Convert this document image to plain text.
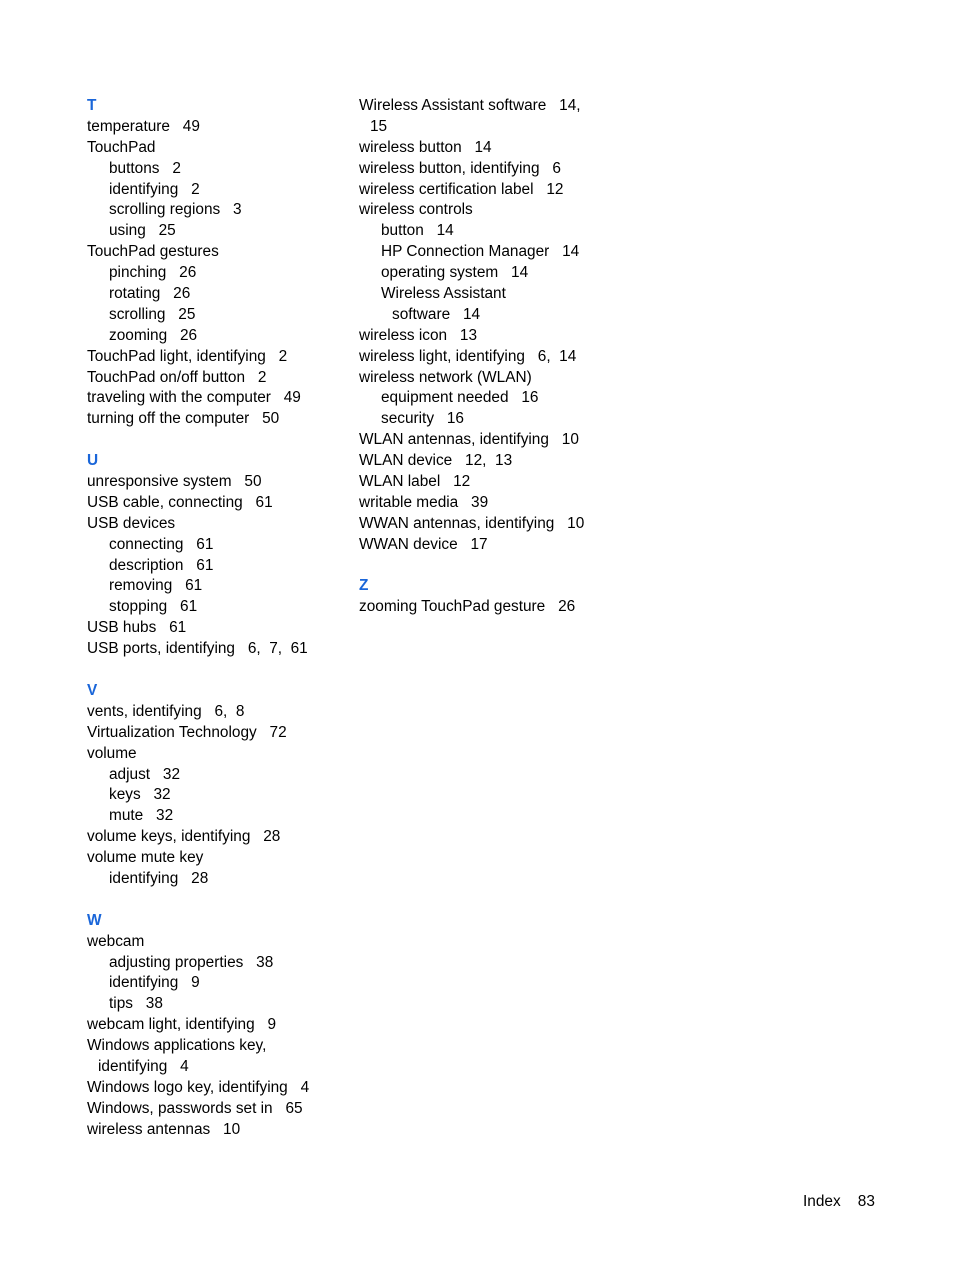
T
temperature   49
TouchPad
buttons   2
identifying   2
scrolling regions   3
using   25
TouchPad gestures
pinching   26
rotating   26
scrolling   25
zooming   26
TouchPad light, identifying   2
TouchPad on/off button   2
traveling with the computer   49
turning off the computer   50
U
unresponsive system   50
USB cable, connecting   61
USB devices
connecting   61
description   61
removing   61
stopping   61
USB hubs   61
USB ports, identifying   6,  7,  61
V
vents, identifying   6,  8
Virtualization Technology   72
volume
adjust   32
keys   32
mute   32
volume keys, identifying   28
volume mute key
identifying   28
W
webcam
adjusting properties   38
identifying   9
tips   38
webcam light, identifying   9
Windows applications key,
identifying   4
Windows logo key, identifying   4
Windows, passwords set in   65
wireless antennas   10
Wireless Assistant software   14,
15
wireless button   14
wireless button, identifying   6
wireless certification label   12
wireless controls
button   14
HP Connection Manager   14
operating system   14
Wireless Assistant
software   14
wireless icon   13
wireless light, identifying   6,  14
wireless network (WLAN)
equipment needed   16
security   16
WLAN antennas, identifying   10
WLAN device   12,  13
WLAN label   12
writable media   39
WWAN antennas, identifying   10
WWAN device   17
Z
zooming TouchPad gesture   26
Index 83
